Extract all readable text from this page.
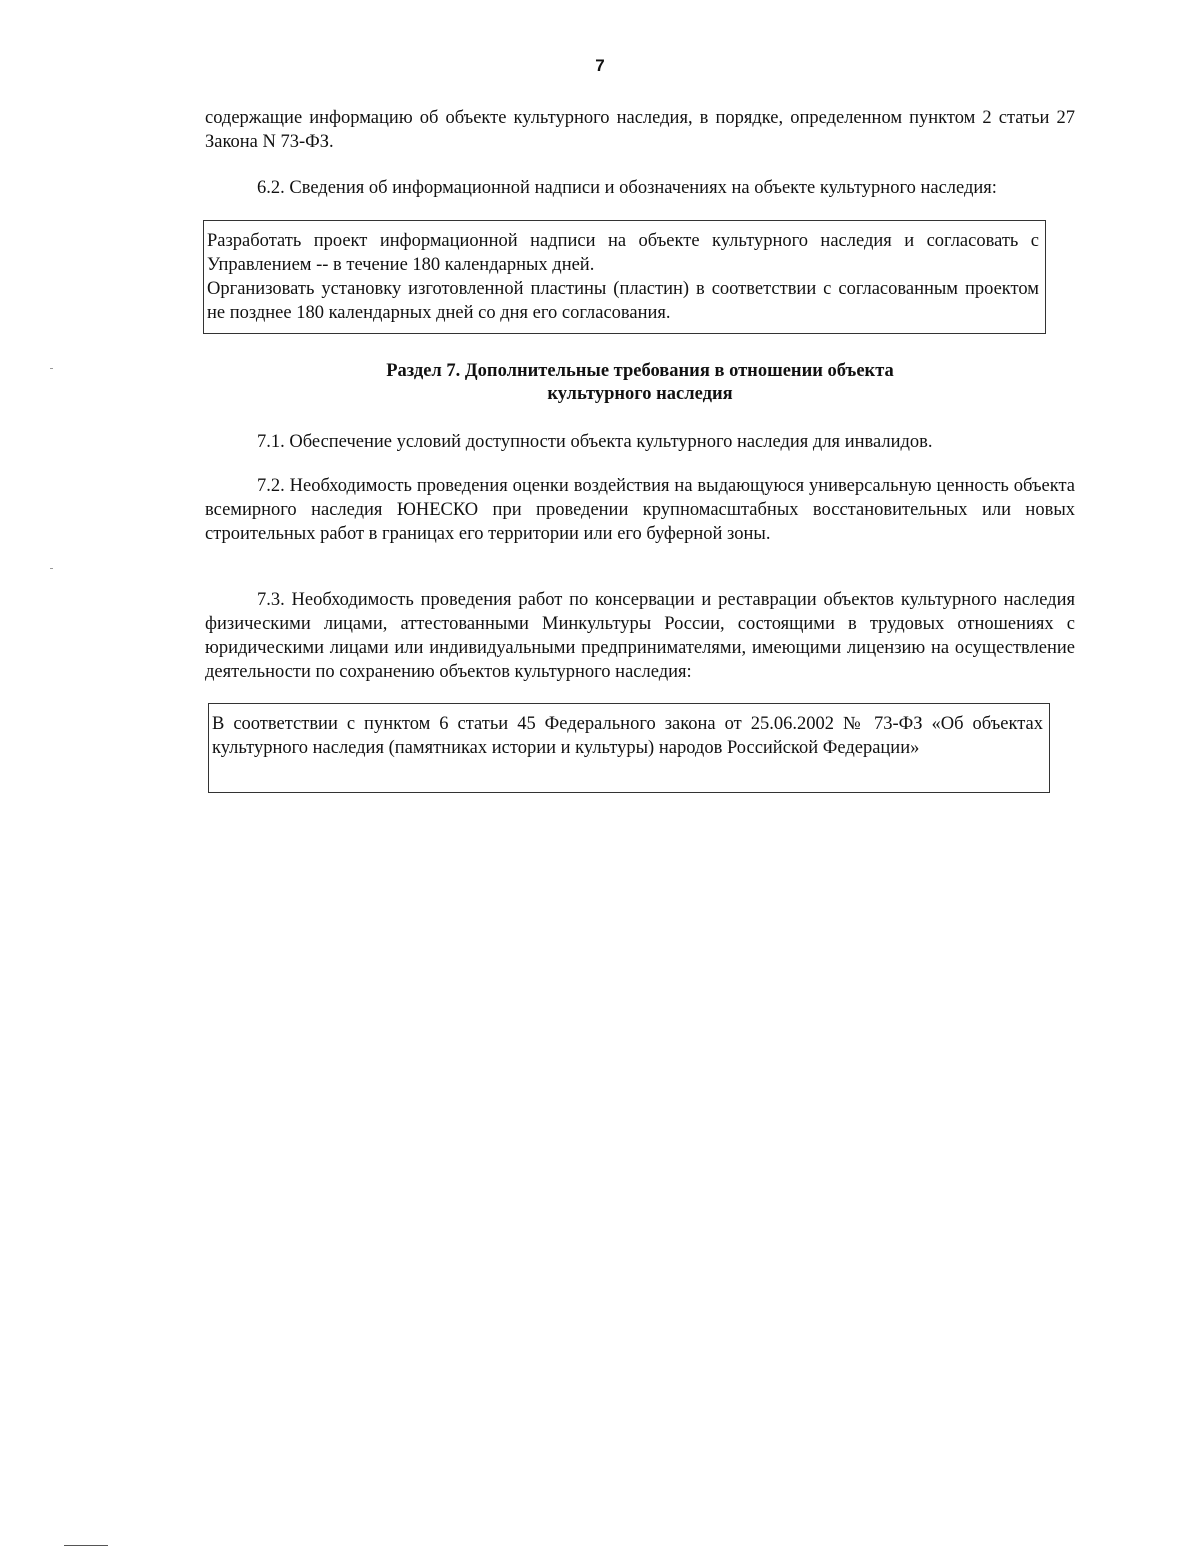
7

содержащие информацию об объекте культурного наследия, в порядке, определенном пунктом 2 статьи 27 Закона N 73-ФЗ.

6.2. Сведения об информационной надписи и обозначениях на объекте культурного наследия:

Разработать проект информационной надписи на объекте культурного наследия и согласовать с Управлением -- в течение 180 календарных дней.

Организовать установку изготовленной пластины (пластин) в соответствии с согласованным проектом не позднее 180 календарных дней со дня его согласования.

Раздел 7. Дополнительные требования в отношении объекта
культурного наследия

7.1. Обеспечение условий доступности объекта культурного наследия для инвалидов.

7.2. Необходимость проведения оценки воздействия на выдающуюся универсальную ценность объекта всемирного наследия ЮНЕСКО при проведении крупномасштабных восстановительных или новых строительных работ в границах его территории или его буферной зоны.

7.3. Необходимость проведения работ по консервации и реставрации объектов культурного наследия физическими лицами, аттестованными Минкультуры России, состоящими в трудовых отношениях с юридическими лицами или индивидуальными предпринимателями, имеющими лицензию на осуществление деятельности по сохранению объектов культурного наследия:

В соответствии с пунктом 6 статьи 45 Федерального закона от 25.06.2002 № 73-ФЗ «Об объектах культурного наследия (памятниках истории и культуры) народов Российской Федерации»
